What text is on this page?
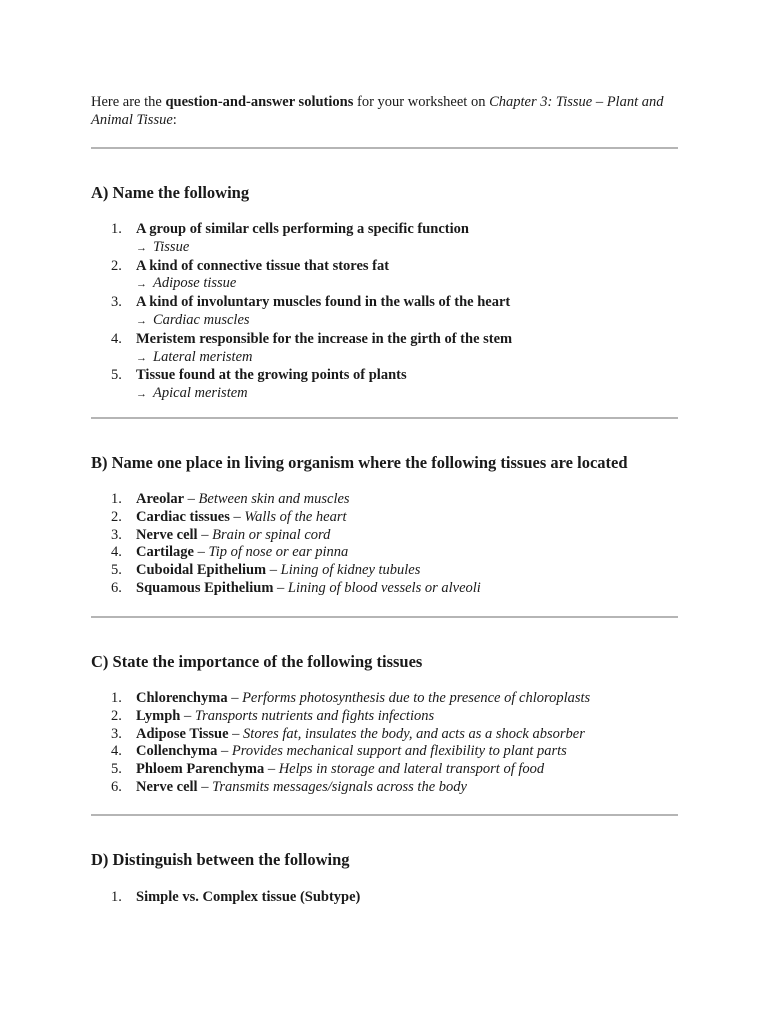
Here are the question-and-answer solutions for your worksheet on Chapter 3: Tissue – Plant and Animal Tissue:

A) Name the following
1. A group of similar cells performing a specific function
→ Tissue
2. A kind of connective tissue that stores fat
→ Adipose tissue
3. A kind of involuntary muscles found in the walls of the heart
→ Cardiac muscles
4. Meristem responsible for the increase in the girth of the stem
→ Lateral meristem
5. Tissue found at the growing points of plants
→ Apical meristem
B) Name one place in living organism where the following tissues are located
1. Areolar – Between skin and muscles
2. Cardiac tissues – Walls of the heart
3. Nerve cell – Brain or spinal cord
4. Cartilage – Tip of nose or ear pinna
5. Cuboidal Epithelium – Lining of kidney tubules
6. Squamous Epithelium – Lining of blood vessels or alveoli
C) State the importance of the following tissues
1. Chlorenchyma – Performs photosynthesis due to the presence of chloroplasts
2. Lymph – Transports nutrients and fights infections
3. Adipose Tissue – Stores fat, insulates the body, and acts as a shock absorber
4. Collenchyma – Provides mechanical support and flexibility to plant parts
5. Phloem Parenchyma – Helps in storage and lateral transport of food
6. Nerve cell – Transmits messages/signals across the body
D) Distinguish between the following
1. Simple vs. Complex tissue (Subtype)
